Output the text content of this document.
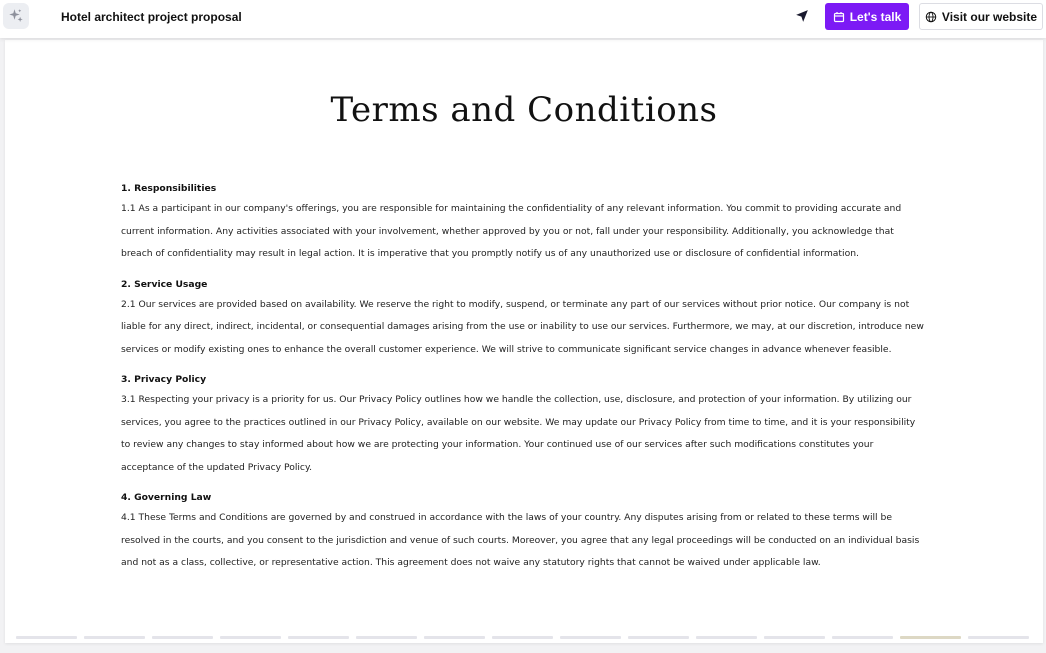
Hotel architect project proposal	Let's talk	Visit our website
Terms and Conditions
1. Responsibilities

1.1 As a participant in our company's offerings, you are responsible for maintaining the confidentiality of any relevant information. You commit to providing accurate and current information. Any activities associated with your involvement, whether approved by you or not, fall under your responsibility. Additionally, you acknowledge that breach of confidentiality may result in legal action. It is imperative that you promptly notify us of any unauthorized use or disclosure of confidential information.

2. Service Usage

2.1 Our services are provided based on availability. We reserve the right to modify, suspend, or terminate any part of our services without prior notice. Our company is not liable for any direct, indirect, incidental, or consequential damages arising from the use or inability to use our services. Furthermore, we may, at our discretion, introduce new services or modify existing ones to enhance the overall customer experience. We will strive to communicate significant service changes in advance whenever feasible.

3. Privacy Policy

3.1 Respecting your privacy is a priority for us. Our Privacy Policy outlines how we handle the collection, use, disclosure, and protection of your information. By utilizing our services, you agree to the practices outlined in our Privacy Policy, available on our website. We may update our Privacy Policy from time to time, and it is your responsibility to review any changes to stay informed about how we are protecting your information. Your continued use of our services after such modifications constitutes your acceptance of the updated Privacy Policy.

4. Governing Law

4.1 These Terms and Conditions are governed by and construed in accordance with the laws of your country. Any disputes arising from or related to these terms will be resolved in the courts, and you consent to the jurisdiction and venue of such courts. Moreover, you agree that any legal proceedings will be conducted on an individual basis and not as a class, collective, or representative action. This agreement does not waive any statutory rights that cannot be waived under applicable law.
